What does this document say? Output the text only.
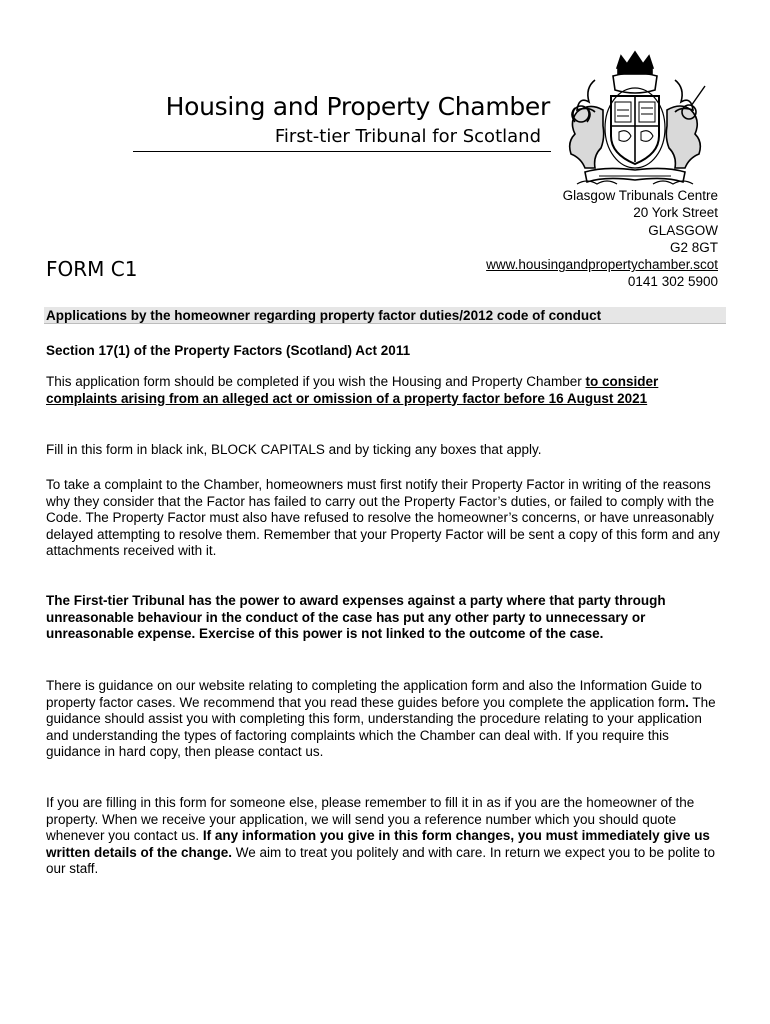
Housing and Property Chamber
First-tier Tribunal for Scotland
Glasgow Tribunals Centre
20 York Street
GLASGOW
G2 8GT
www.housingandpropertychamber.scot
0141 302 5900
FORM C1
Applications by the homeowner regarding property factor duties/2012 code of conduct
Section 17(1) of the Property Factors (Scotland) Act 2011

This application form should be completed if you wish the Housing and Property Chamber to consider complaints arising from an alleged act or omission of a property factor before 16 August 2021

Fill in this form in black ink, BLOCK CAPITALS and by ticking any boxes that apply.

To take a complaint to the Chamber, homeowners must first notify their Property Factor in writing of the reasons why they consider that the Factor has failed to carry out the Property Factor’s duties, or failed to comply with the Code. The Property Factor must also have refused to resolve the homeowner’s concerns, or have unreasonably delayed attempting to resolve them. Remember that your Property Factor will be sent a copy of this form and any attachments received with it.

The First-tier Tribunal has the power to award expenses against a party where that party through unreasonable behaviour in the conduct of the case has put any other party to unnecessary or unreasonable expense. Exercise of this power is not linked to the outcome of the case.

There is guidance on our website relating to completing the application form and also the Information Guide to property factor cases. We recommend that you read these guides before you complete the application form. The guidance should assist you with completing this form, understanding the procedure relating to your application and understanding the types of factoring complaints which the Chamber can deal with. If you require this guidance in hard copy, then please contact us.

If you are filling in this form for someone else, please remember to fill it in as if you are the homeowner of the property. When we receive your application, we will send you a reference number which you should quote whenever you contact us. If any information you give in this form changes, you must immediately give us written details of the change. We aim to treat you politely and with care. In return we expect you to be polite to our staff.
